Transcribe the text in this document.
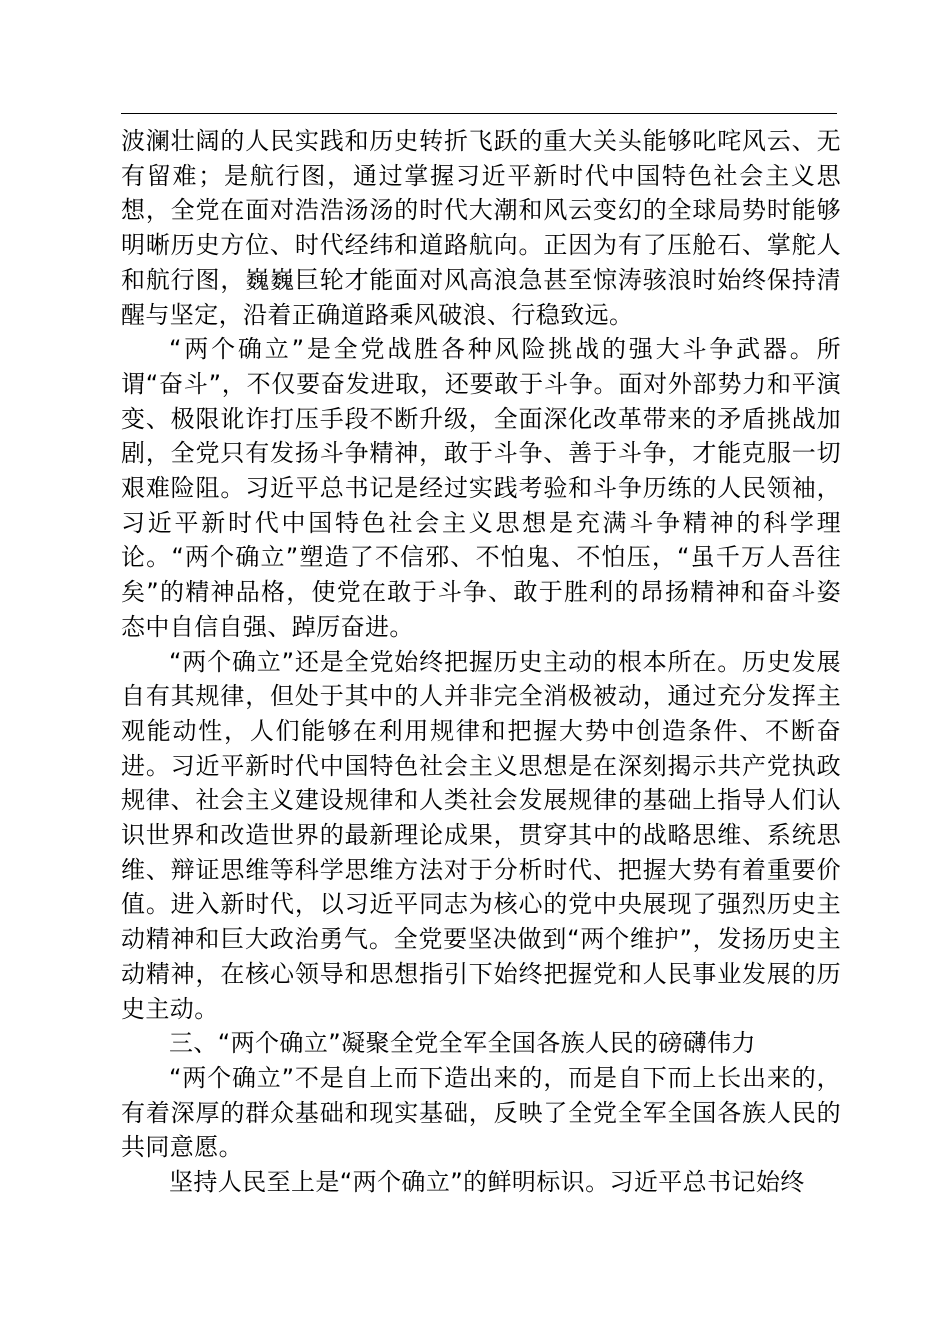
波澜壮阔的人民实践和历史转折飞跃的重大关头能够叱咤风云、无有留难；是航行图，通过掌握习近平新时代中国特色社会主义思想，全党在面对浩浩汤汤的时代大潮和风云变幻的全球局势时能够明晰历史方位、时代经纬和道路航向。正因为有了压舱石、掌舵人和航行图，巍巍巨轮才能面对风高浪急甚至惊涛骇浪时始终保持清醒与坚定，沿着正确道路乘风破浪、行稳致远。

“两个确立”是全党战胜各种风险挑战的强大斗争武器。所谓“奋斗”，不仅要奋发进取，还要敢于斗争。面对外部势力和平演变、极限讹诈打压手段不断升级，全面深化改革带来的矛盾挑战加剧，全党只有发扬斗争精神，敢于斗争、善于斗争，才能克服一切艰难险阻。习近平总书记是经过实践考验和斗争历练的人民领袖，习近平新时代中国特色社会主义思想是充满斗争精神的科学理论。“两个确立”塑造了不信邪、不怕鬼、不怕压，“虽千万人吾往矣”的精神品格，使党在敢于斗争、敢于胜利的昂扬精神和奋斗姿态中自信自强、踔厉奋进。

“两个确立”还是全党始终把握历史主动的根本所在。历史发展自有其规律，但处于其中的人并非完全消极被动，通过充分发挥主观能动性，人们能够在利用规律和把握大势中创造条件、不断奋进。习近平新时代中国特色社会主义思想是在深刻揭示共产党执政规律、社会主义建设规律和人类社会发展规律的基础上指导人们认识世界和改造世界的最新理论成果，贯穿其中的战略思维、系统思维、辩证思维等科学思维方法对于分析时代、把握大势有着重要价值。进入新时代，以习近平同志为核心的党中央展现了强烈历史主动精神和巨大政治勇气。全党要坚决做到“两个维护”，发扬历史主动精神，在核心领导和思想指引下始终把握党和人民事业发展的历史主动。

三、“两个确立”凝聚全党全军全国各族人民的磅礴伟力

“两个确立”不是自上而下造出来的，而是自下而上长出来的，有着深厚的群众基础和现实基础，反映了全党全军全国各族人民的共同意愿。

坚持人民至上是“两个确立”的鲜明标识。习近平总书记始终
